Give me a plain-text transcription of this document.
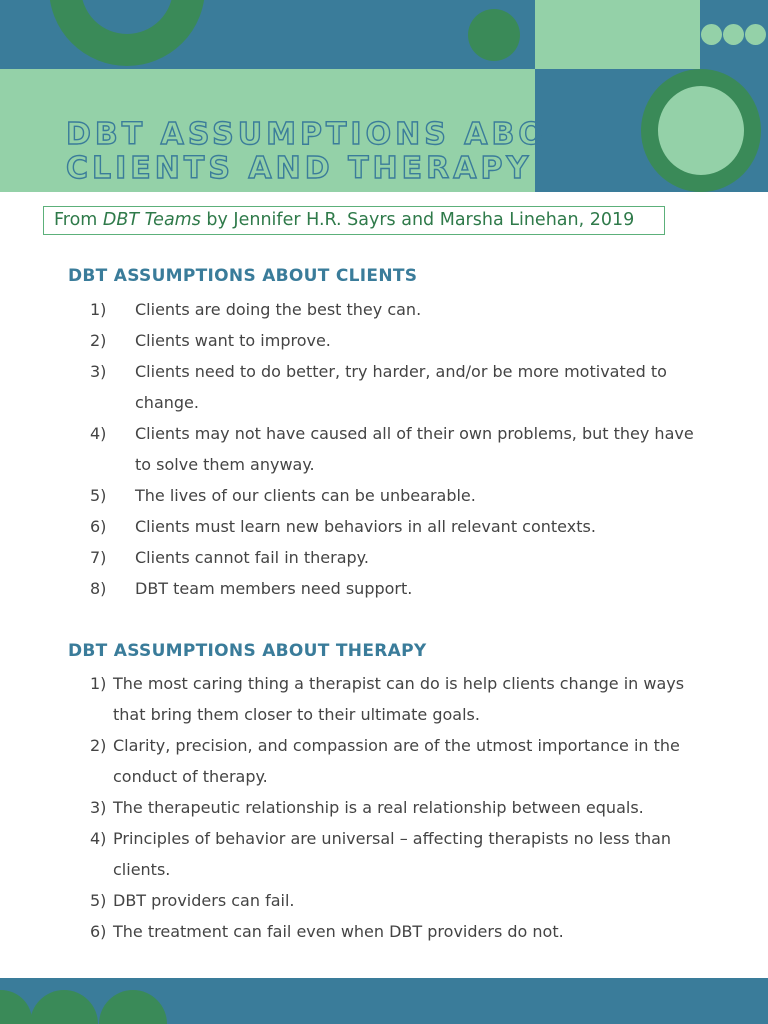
DBT ASSUMPTIONS ABOUT
CLIENTS AND THERAPY
From DBT Teams by Jennifer H.R. Sayrs and Marsha Linehan, 2019
DBT ASSUMPTIONS ABOUT CLIENTS
1) Clients are doing the best they can.
2) Clients want to improve.
3) Clients need to do better, try harder, and/or be more motivated to change.
4) Clients may not have caused all of their own problems, but they have to solve them anyway.
5) The lives of our clients can be unbearable.
6) Clients must learn new behaviors in all relevant contexts.
7) Clients cannot fail in therapy.
8) DBT team members need support.
DBT ASSUMPTIONS ABOUT THERAPY
1) The most caring thing a therapist can do is help clients change in ways that bring them closer to their ultimate goals.
2) Clarity, precision, and compassion are of the utmost importance in the conduct of therapy.
3) The therapeutic relationship is a real relationship between equals.
4) Principles of behavior are universal – affecting therapists no less than clients.
5) DBT providers can fail.
6) The treatment can fail even when DBT providers do not.
